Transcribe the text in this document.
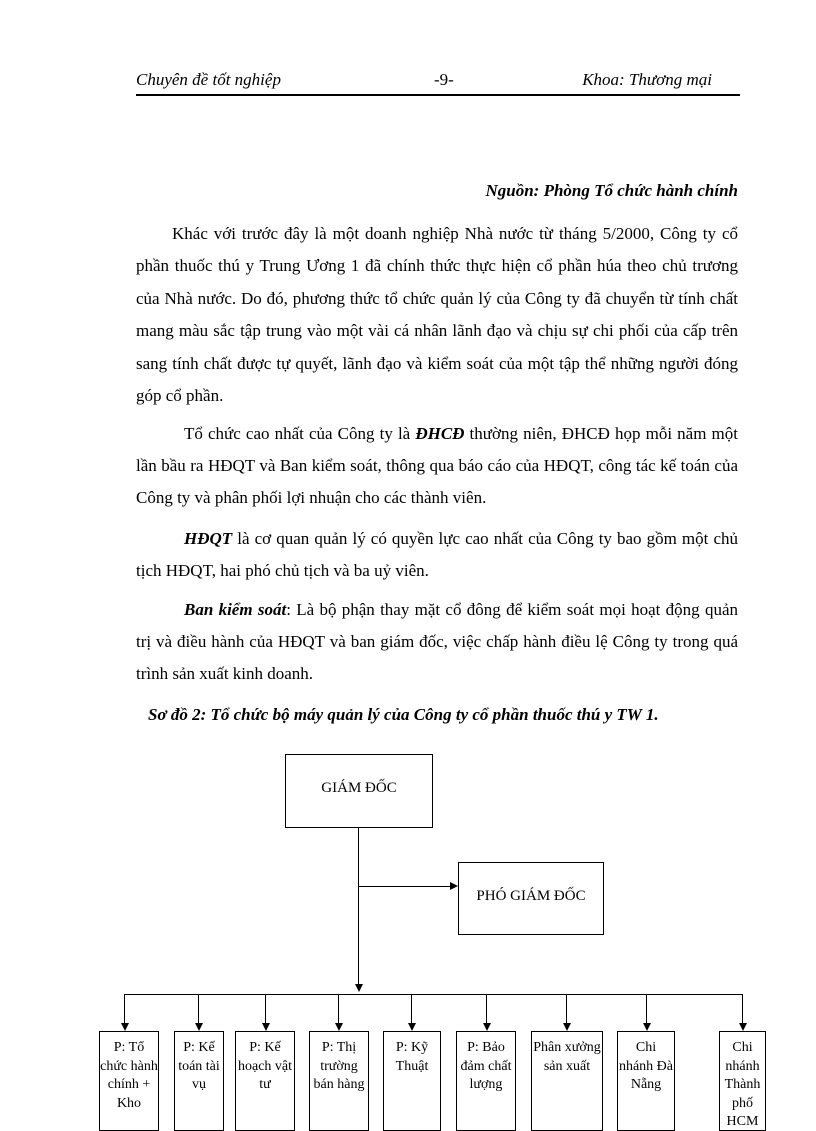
Chuyên đề tốt nghiệp	-9-	Khoa: Thương mại
Nguồn: Phòng Tổ chức hành chính

Khác với trước đây là một doanh nghiệp Nhà nước từ tháng 5/2000, Công ty cổ phần thuốc thú y Trung Ương 1 đã chính thức thực hiện cổ phần húa theo chủ trương của Nhà nước. Do đó, phương thức tổ chức quản lý của Công ty đã chuyển từ tính chất mang màu sắc tập trung vào một vài cá nhân lãnh đạo và chịu sự chi phối của cấp trên sang tính chất được tự quyết, lãnh đạo và kiểm soát của một tập thể những người đóng góp cổ phần.

Tổ chức cao nhất của Công ty là ĐHCĐ thường niên, ĐHCĐ họp mỗi năm một lần bầu ra HĐQT và Ban kiểm soát, thông qua báo cáo của HĐQT, công tác kế toán của Công ty và phân phối lợi nhuận cho các thành viên.

HĐQT là cơ quan quản lý có quyền lực cao nhất của Công ty bao gồm một chủ tịch HĐQT, hai phó chủ tịch và ba uỷ viên.

Ban kiểm soát: Là bộ phận thay mặt cổ đông để kiểm soát mọi hoạt động quản trị và điều hành của HĐQT và ban giám đốc, việc chấp hành điều lệ Công ty trong quá trình sản xuất kinh doanh.

Sơ đồ 2: Tổ chức bộ máy quản lý của Công ty cổ phần thuốc thú y TW 1.
GIÁM ĐỐC
PHÓ GIÁM ĐỐC
P: Tổ chức hành chính + Kho
P: Kế toán tài vụ
P: Kế hoạch vật tư
P: Thị trường bán hàng
P: Kỹ Thuật
P: Bảo đảm chất lượng
Phân xưởng sản xuất
Chi nhánh Đà Nẵng
Chi nhánh Thành phố HCM
